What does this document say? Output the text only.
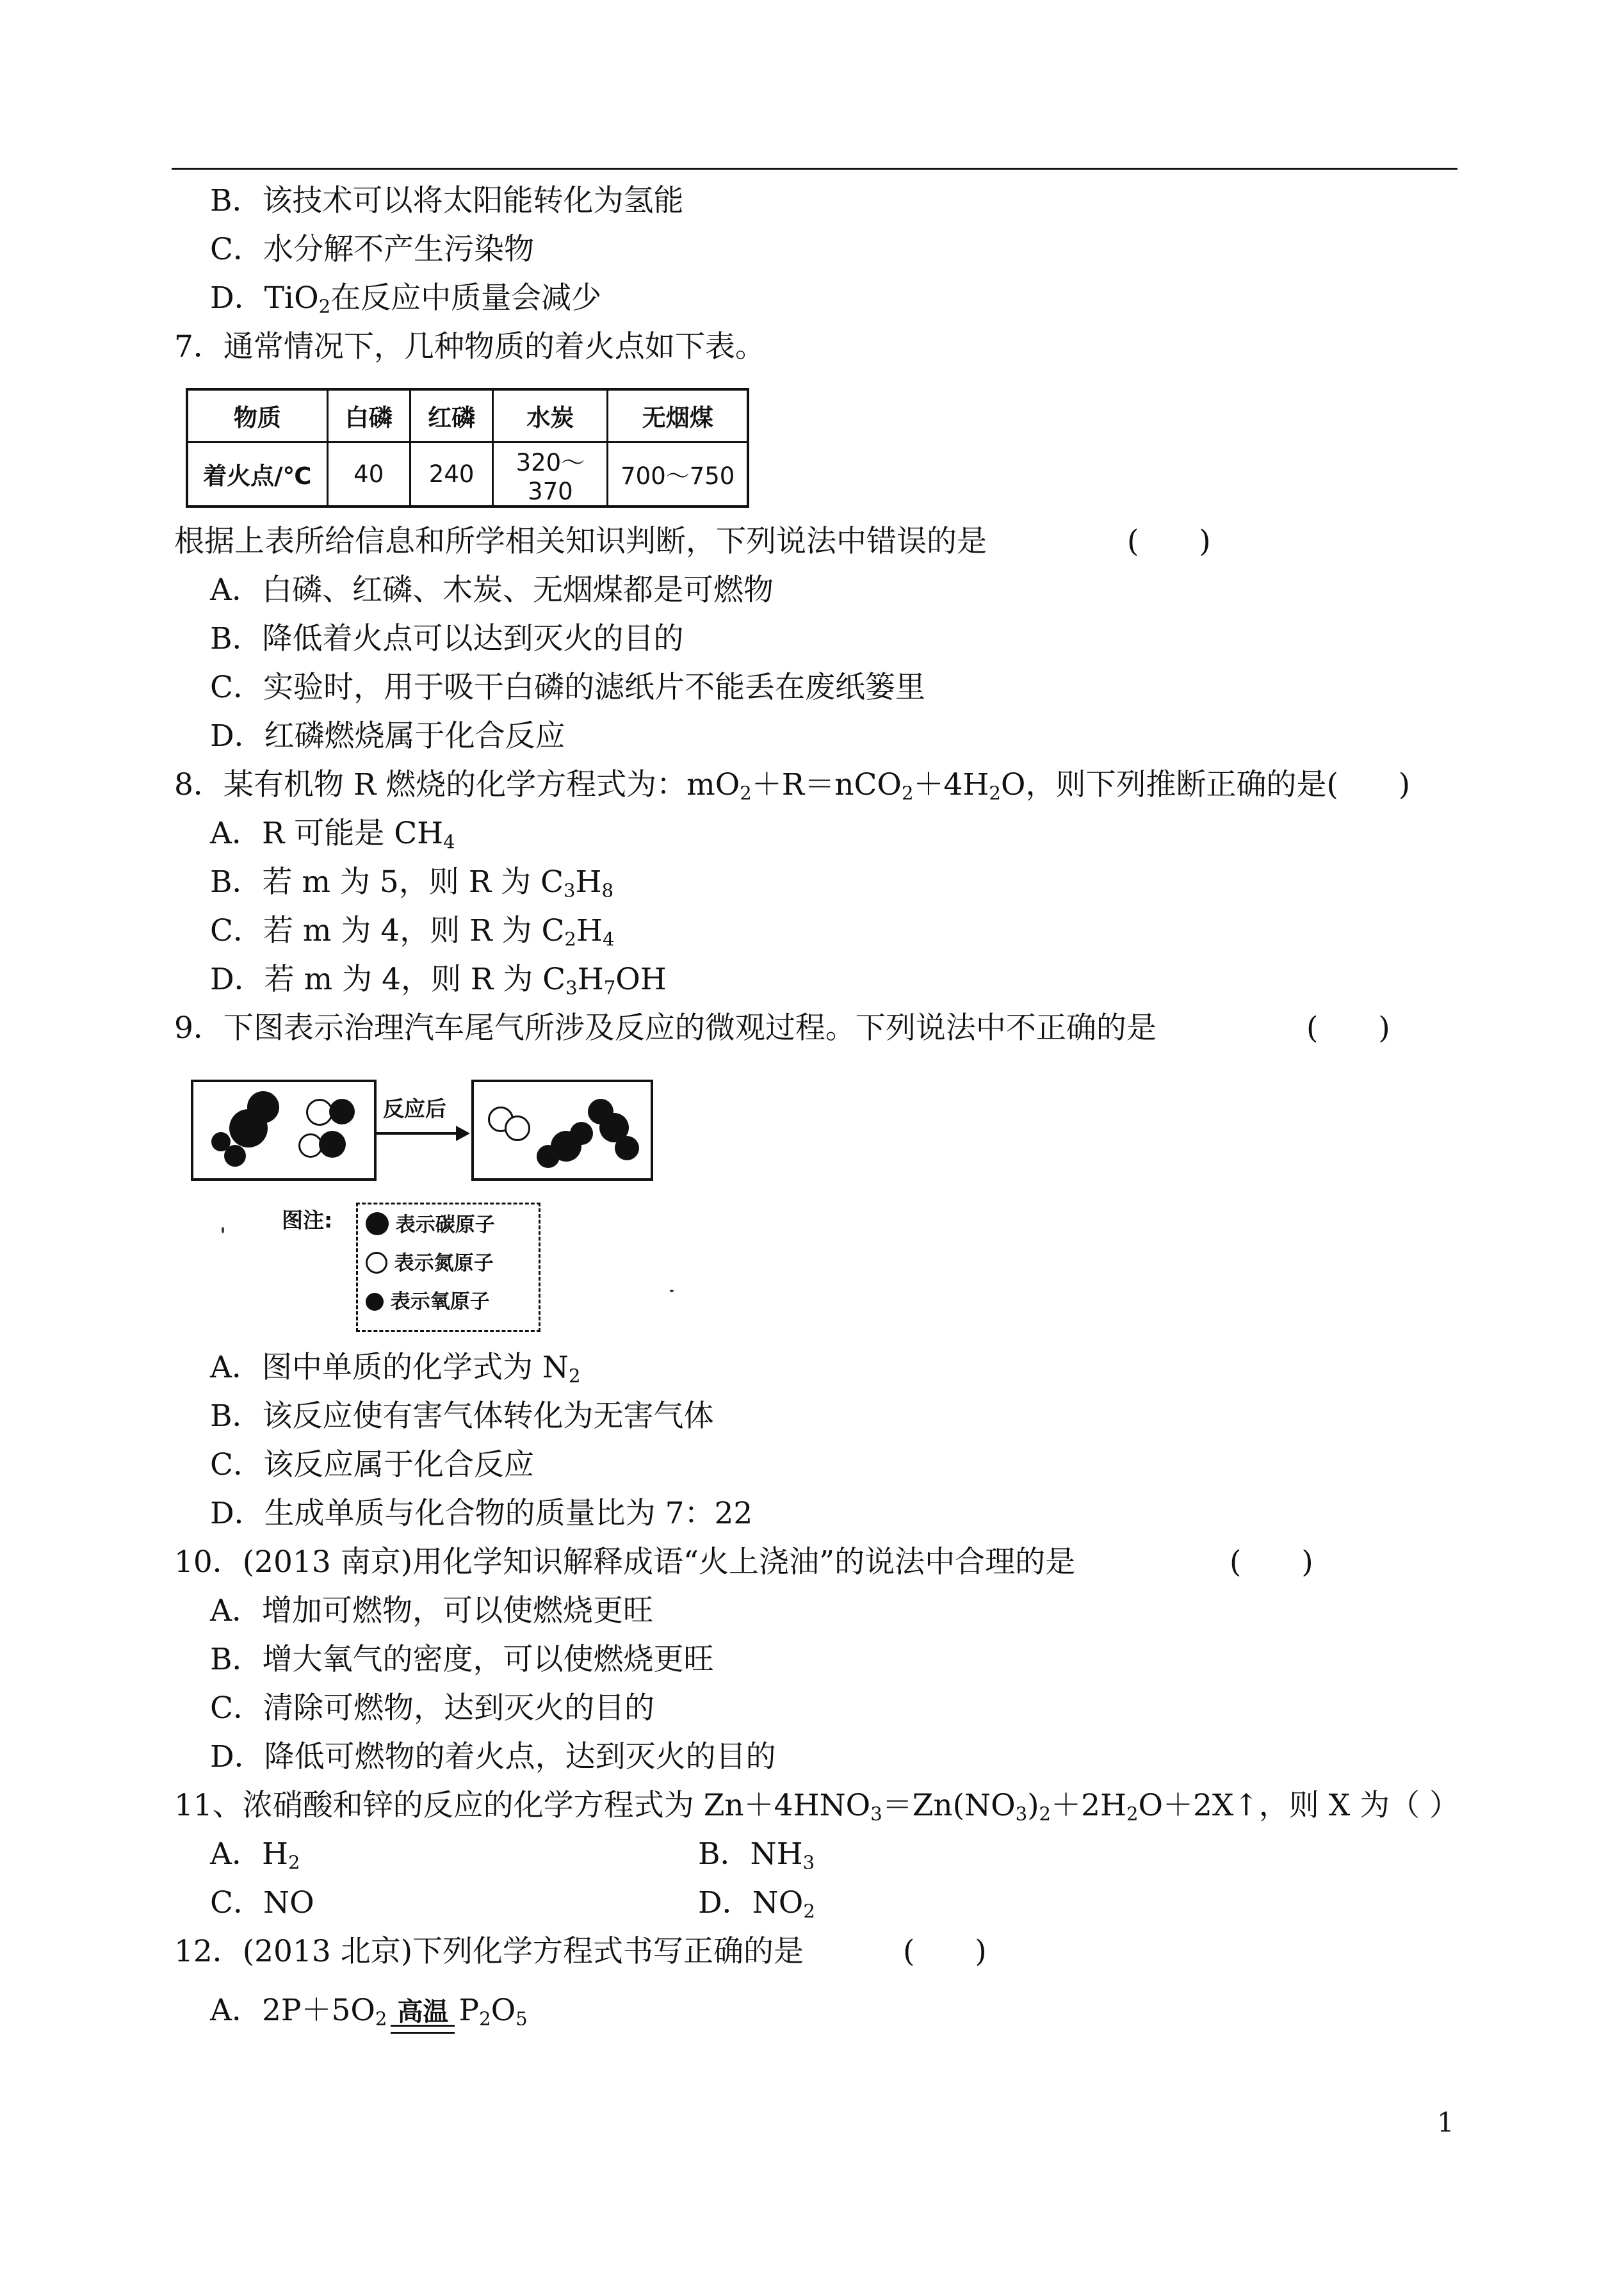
B．该技术可以将太阳能转化为氢能
C．水分解不产生污染物
D．TiO$_2$在反应中质量会减少
7．通常情况下，几种物质的着火点如下表。
物质	白磷	红磷	水炭	无烟煤
着火点/℃	40	240	320～370	700～750
根据上表所给信息和所学相关知识判断，下列说法中错误的是	(　　)
A．白磷、红磷、木炭、无烟煤都是可燃物
B．降低着火点可以达到灭火的目的
C．实验时，用于吸干白磷的滤纸片不能丢在废纸篓里
D．红磷燃烧属于化合反应
8．某有机物 R 燃烧的化学方程式为：$mO_2+R=nCO_2+4H_2O$，则下列推断正确的是(　　)
A．R 可能是 $CH_4$
B．若 m 为 5，则 R 为 $C_3H_8$
C．若 m 为 4，则 R 为 $C_2H_4$
D．若 m 为 4，则 R 为 $C_3H_7OH$
9．下图表示治理汽车尾气所涉及反应的微观过程。下列说法中不正确的是	(　　)
反应后
图注:	表示碳原子
表示氮原子
表示氧原子
A．图中单质的化学式为 $N_2$
B．该反应使有害气体转化为无害气体
C．该反应属于化合反应
D．生成单质与化合物的质量比为 7：22
10．(2013 南京)用化学知识解释成语“火上浇油”的说法中合理的是	(　　)
A．增加可燃物，可以使燃烧更旺
B．增大氧气的密度，可以使燃烧更旺
C．清除可燃物，达到灭火的目的
D．降低可燃物的着火点，达到灭火的目的
11、浓硝酸和锌的反应的化学方程式为 $Zn+4HNO_3=Zn(NO_3)_2+2H_2O+2X↑$，则 X 为（ ）
A．$H_2$	B．$NH_3$
C．NO	D．$NO_2$
12．(2013 北京)下列化学方程式书写正确的是	(　　)
A．$2P+5O_2$ 高温 $P_2O_5$
1
